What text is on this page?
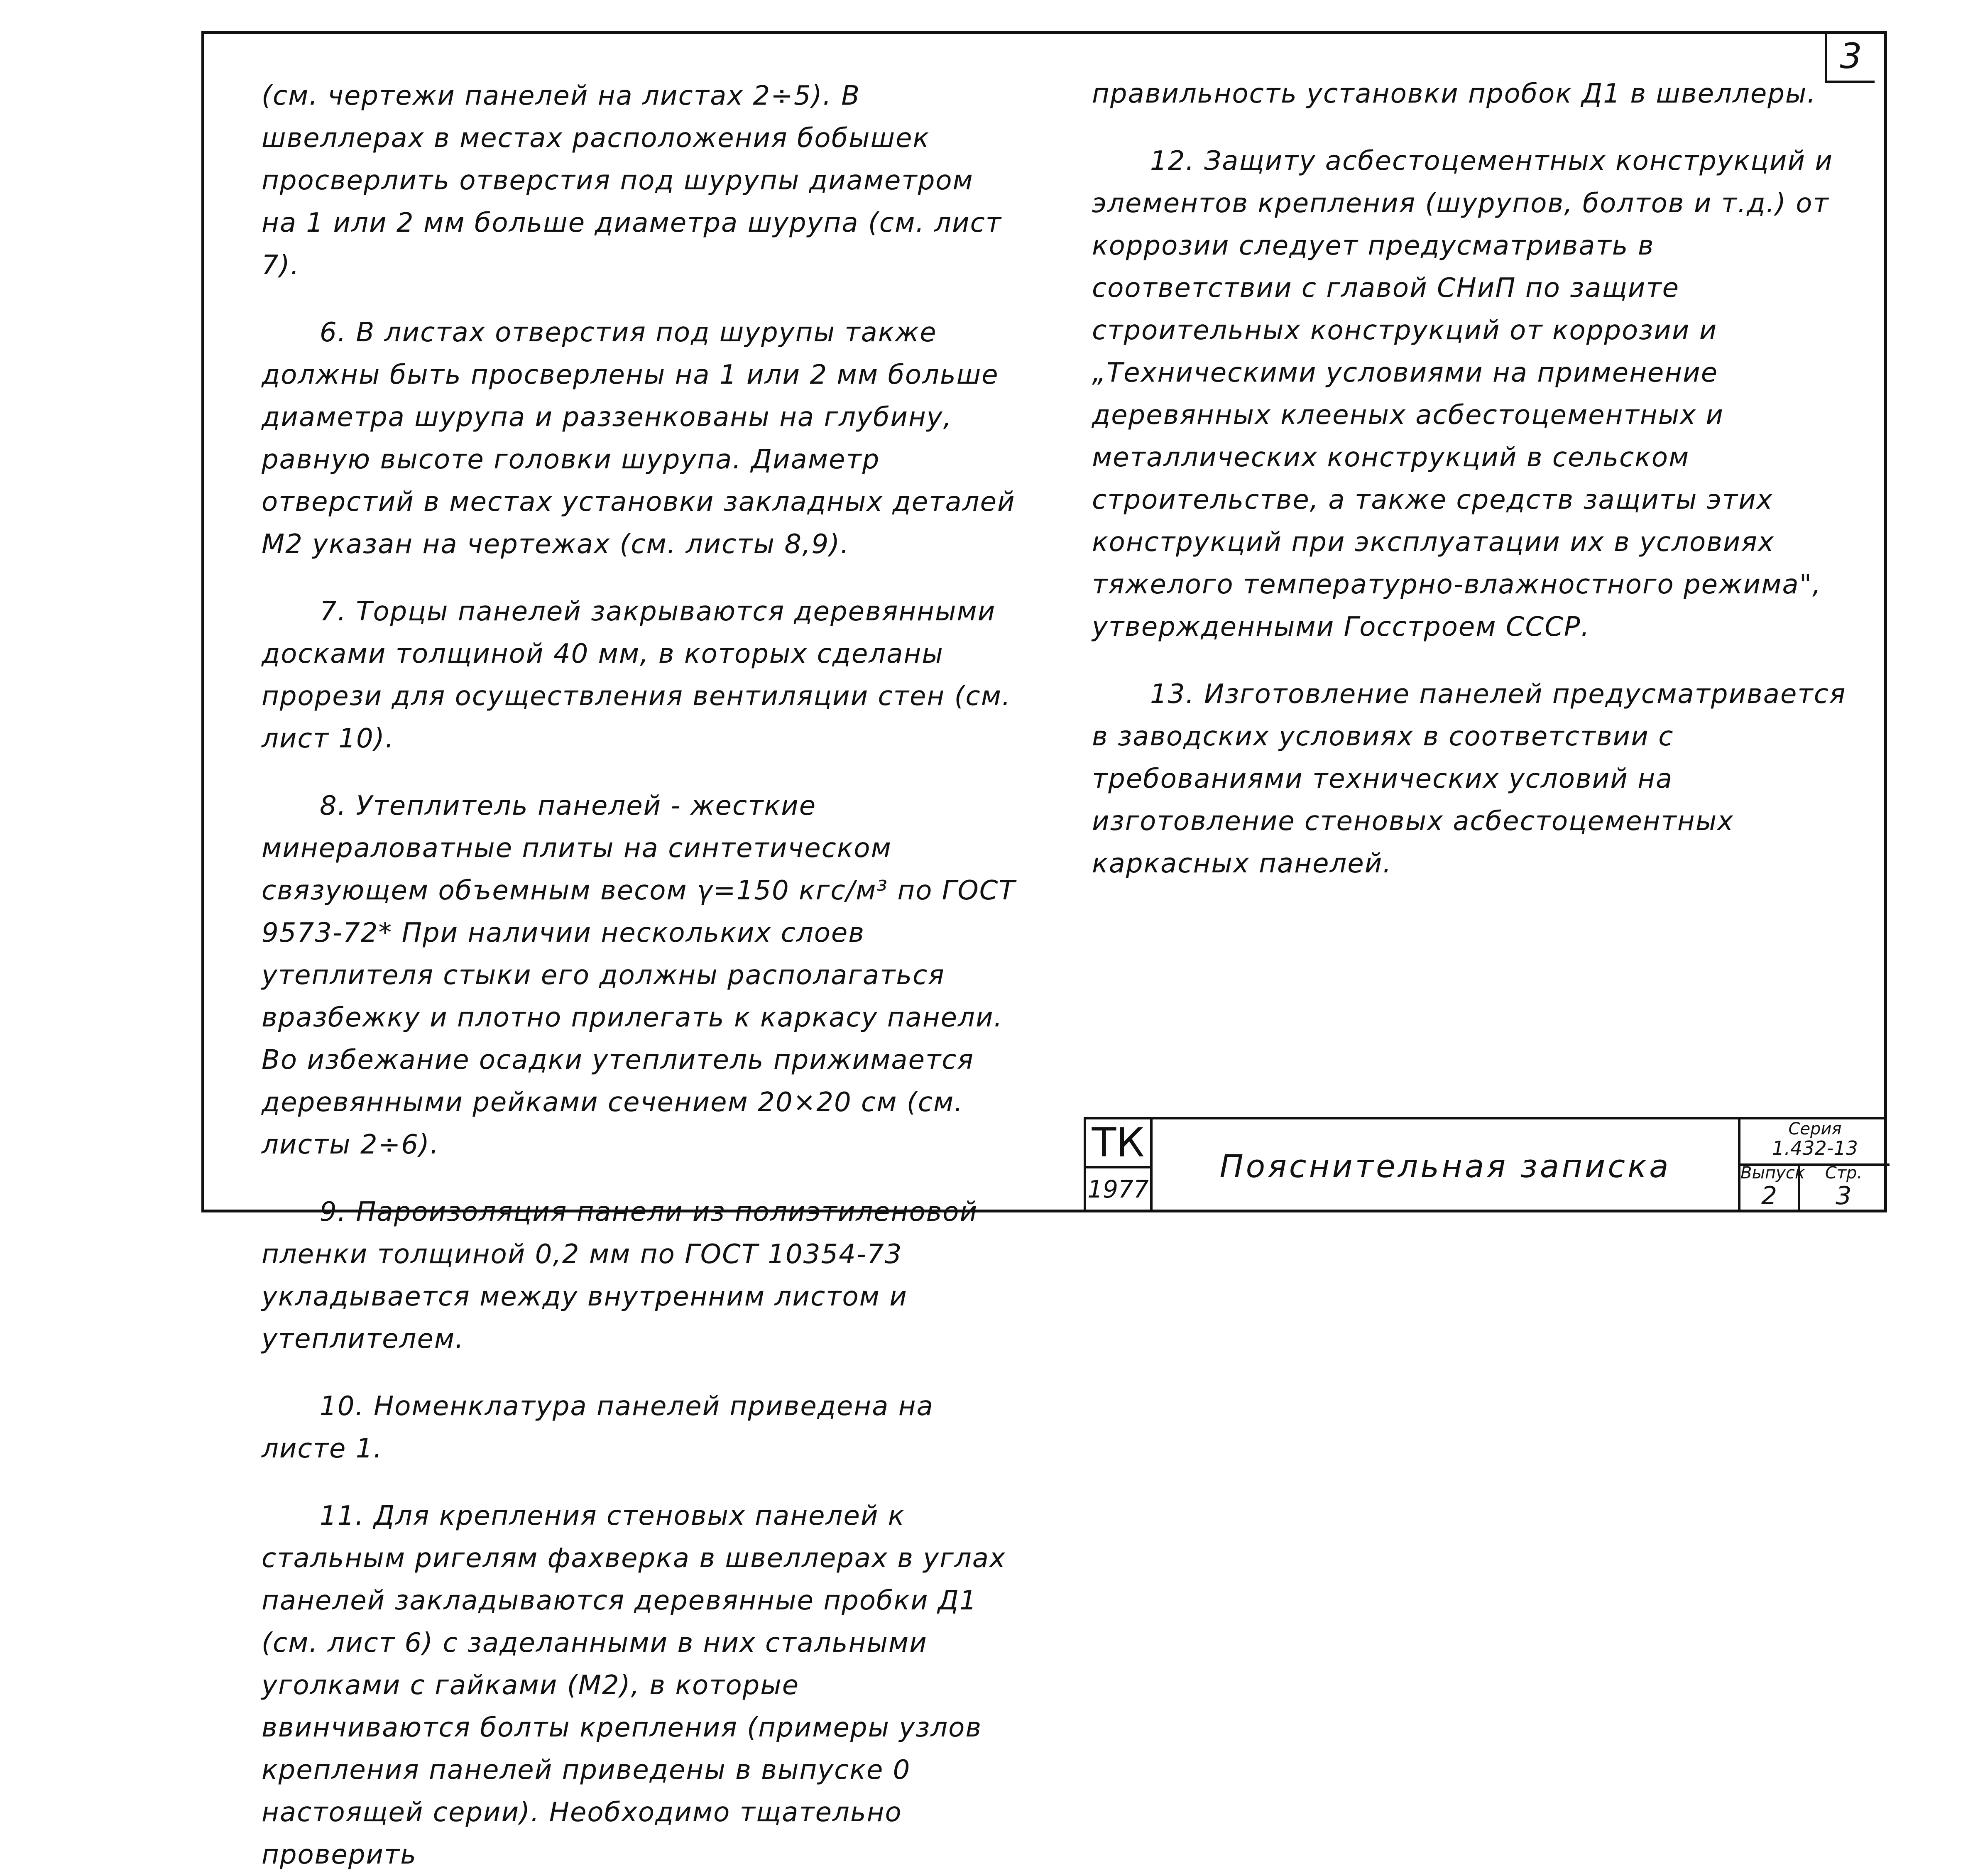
3

(см. чертежи панелей на листах 2÷5). В швеллерах в местах расположения бобышек просверлить отверстия под шурупы диаметром на 1 или 2 мм больше диаметра шурупа (см. лист 7).

6. В листах отверстия под шурупы также должны быть просверлены на 1 или 2 мм больше диаметра шурупа и раззенкованы на глубину, равную высоте головки шурупа. Диаметр отверстий в местах установки закладных деталей М2 указан на чертежах (см. листы 8,9).

7. Торцы панелей закрываются деревянными досками толщиной 40 мм, в которых сделаны прорези для осуществления вентиляции стен (см. лист 10).

8. Утеплитель панелей - жесткие минераловатные плиты на синтетическом связующем объемным весом γ=150 кгс/м³ по ГОСТ 9573-72* При наличии нескольких слоев утеплителя стыки его должны располагаться вразбежку и плотно прилегать к каркасу панели. Во избежание осадки утеплитель прижимается деревянными рейками сечением 20×20 см (см. листы 2÷6).

9. Пароизоляция панели из полиэтиленовой пленки толщиной 0,2 мм по ГОСТ 10354-73 укладывается между внутренним листом и утеплителем.

10. Номенклатура панелей приведена на листе 1.

11. Для крепления стеновых панелей к стальным ригелям фахверка в швеллерах в углах панелей закладываются деревянные пробки Д1 (см. лист 6) с заделанными в них стальными уголками с гайками (М2), в которые ввинчиваются болты крепления (примеры узлов крепления панелей приведены в выпуске 0 настоящей серии). Необходимо тщательно проверить

правильность установки пробок Д1 в швеллеры.

12. Защиту асбестоцементных конструкций и элементов крепления (шурупов, болтов и т.д.) от коррозии следует предусматривать в соответствии с главой СНиП по защите строительных конструкций от коррозии и „Техническими условиями на применение деревянных клееных асбестоцементных и металлических конструкций в сельском строительстве, а также средств защиты этих конструкций при эксплуатации их в условиях тяжелого температурно-влажностного режима", утвержденными Госстроем СССР.

13. Изготовление панелей предусматривается в заводских условиях в соответствии с требованиями технических условий на изготовление стеновых асбестоцементных каркасных панелей.

ТК
1977
Пояснительная записка
Серия
1.432-13
Выпуск
2
Стр.
3
